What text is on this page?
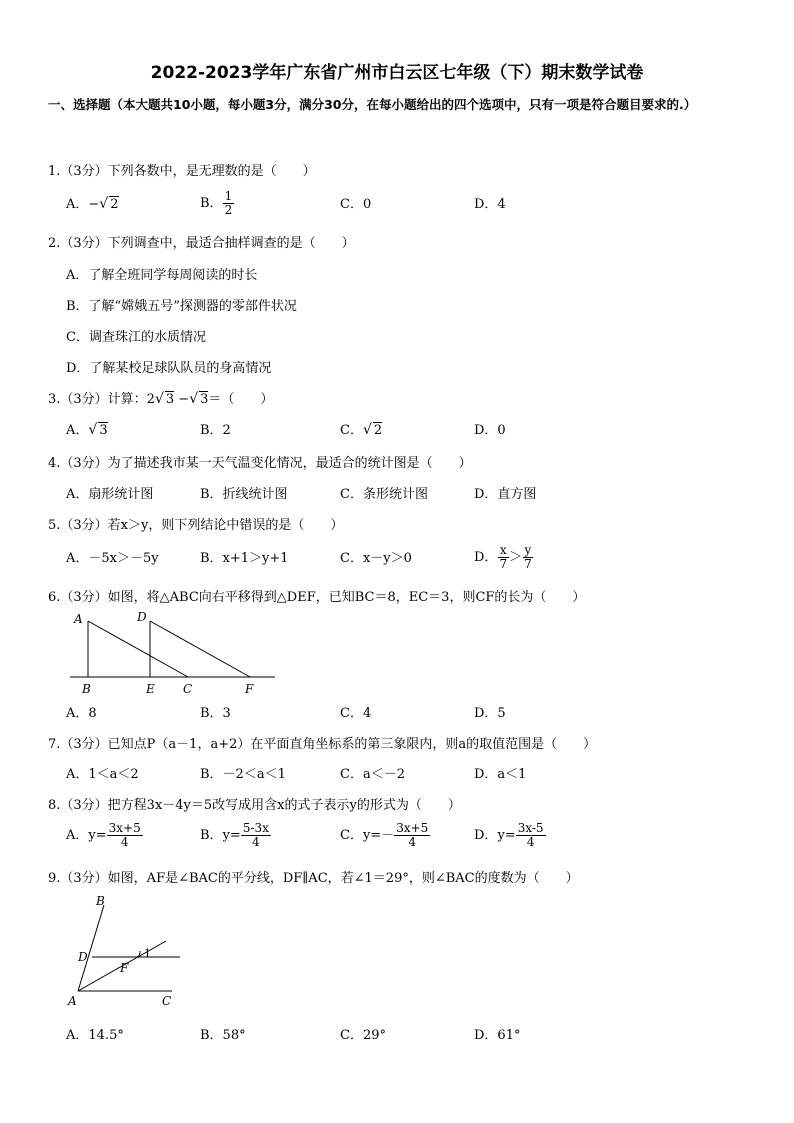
2022-2023学年广东省广州市白云区七年级（下）期末数学试卷
一、选择题（本大题共10小题，每小题3分，满分30分，在每小题给出的四个选项中，只有一项是符合题目要求的.）
1.（3分）下列各数中，是无理数的是（　　）
A．−√ 2	B． $\frac{1}{2}$	C．0	D．4
2.（3分）下列调查中，最适合抽样调查的是（　　）
A．了解全班同学每周阅读的时长
B．了解“嫦娥五号”探测器的零部件状况
C．调查珠江的水质情况
D．了解某校足球队队员的身高情况
3.（3分）计算：2√ 3 −√ 3＝（　　）
A．√ 3	B．2	C．√ 2	D．0
4.（3分）为了描述我市某一天气温变化情况，最适合的统计图是（　　）
A．扇形统计图	B．折线统计图	C．条形统计图	D．直方图
5.（3分）若x＞y，则下列结论中错误的是（　　）
A．－5x＞－5y	B．x+1＞y+1	C．x－y＞0	D． $\frac{x}{7} > \frac{y}{7}$
6.（3分）如图，将△ABC向右平移得到△DEF，已知BC＝8，EC＝3，则CF的长为（　　）
A	D
B	E C	F
A．8	B．3	C．4	D．5
7.（3分）已知点P（a－1，a+2）在平面直角坐标系的第三象限内，则a的取值范围是（　　）
A．1＜a＜2	B．－2＜a＜1	C．a＜－2	D．a＜1
8.（3分）把方程3x－4y＝5改写成用含x的式子表示y的形式为（　　）
A．$y= \frac{3x+5}{4}$	B．$y= \frac{5-3x}{4}$	C．$y=- \frac{3x+5}{4}$	D．$y= \frac{3x-5}{4}$
9.（3分）如图，AF是∠BAC的平分线，DF∥AC，若∠1＝29°，则∠BAC的度数为（　　）
B
D
F
1
A	C
A．14.5°	B．58°	C．29°	D．61°
